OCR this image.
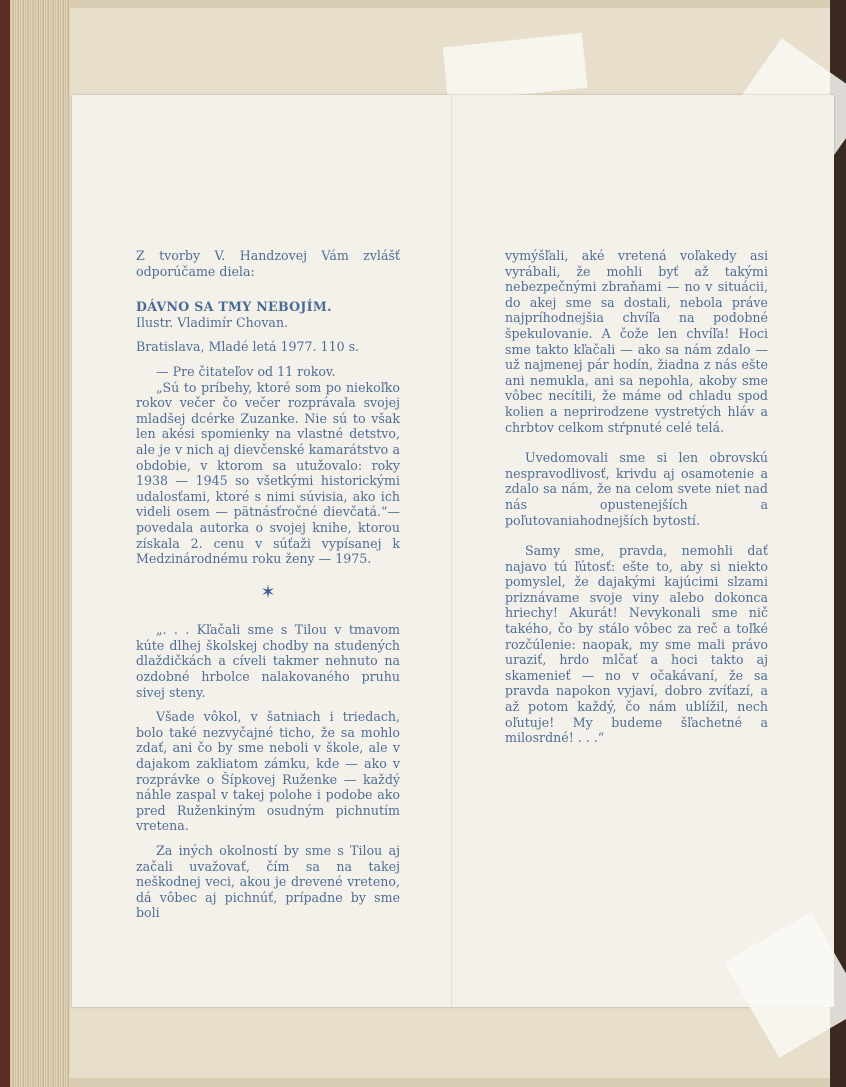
Z tvorby V. Handzovej Vám zvlášť odporúčame diela:

DÁVNO SA TMY NEBOJÍM.

Ilustr. Vladimír Chovan.

Bratislava, Mladé letá 1977. 110 s.

— Pre čitateľov od 11 rokov.

„Sú to príbehy, ktoré som po niekoľko rokov večer čo večer rozprávala svojej mladšej dcérke Zuzanke. Nie sú to však len akési spomienky na vlastné detstvo, ale je v nich aj dievčenské kamarátstvo a obdobie, v ktorom sa utužovalo: roky 1938 — 1945 so všetkými historickými udalosťami, ktoré s nimi súvisia, ako ich videli osem — pätnásťročné dievčatá.“— povedala autorka o svojej knihe, ktorou získala 2. cenu v súťaži vypísanej k Medzinárodnému roku ženy — 1975.

✶

„. . . Kľačali sme s Tilou v tmavom kúte dlhej školskej chodby na studených dlaždičkách a cíveli takmer nehnuto na ozdobné hrbolce nalakovaného pruhu sivej steny.

Všade vôkol, v šatniach i triedach, bolo také nezvyčajné ticho, že sa mohlo zdať, ani čo by sme neboli v škole, ale v dajakom zakliatom zámku, kde — ako v rozprávke o Šípkovej Ruženke — každý náhle zaspal v takej polohe i podobe ako pred Ruženkiným osudným pichnutím vretena.

Za iných okolností by sme s Tilou aj začali uvažovať, čím sa na takej neškodnej veci, akou je drevené vreteno, dá vôbec aj pichnúť, prípadne by sme boli

vymýšľali, aké vretená voľakedy asi vyrábali, že mohli byť až takými nebezpečnými zbraňami — no v situácii, do akej sme sa dostali, nebola práve najpríhodnejšia chvíľa na podobné špekulovanie. A čože len chvíľa! Hoci sme takto kľačali — ako sa nám zdalo — už najmenej pár hodín, žiadna z nás ešte ani nemukla, ani sa nepohla, akoby sme vôbec necítili, že máme od chladu spod kolien a neprirodzene vystretých hláv a chrbtov celkom stŕpnuté celé telá.

Uvedomovali sme si len obrovskú nespravodlivosť, krivdu aj osamotenie a zdalo sa nám, že na celom svete niet nad nás opustenejších a poľutovaniahodnejších bytostí.

Samy sme, pravda, nemohli dať najavo tú ľútosť: ešte to, aby si niekto pomyslel, že dajakými kajúcimi slzami priznávame svoje viny alebo dokonca hriechy! Akurát! Nevykonali sme nič takého, čo by stálo vôbec za reč a toľké rozčúlenie: naopak, my sme mali právo uraziť, hrdo mlčať a hoci takto aj skamenieť — no v očakávaní, že sa pravda napokon vyjaví, dobro zvíťazí, a až potom každý, čo nám ublížil, nech oľutuje! My budeme šľachetné a milosrdné! . . .“
